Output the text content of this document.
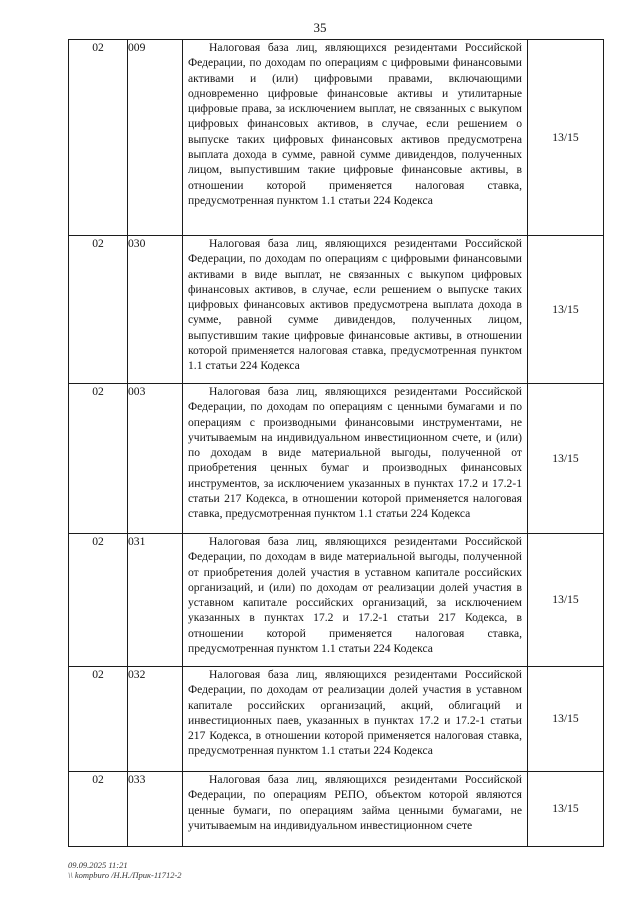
35
02	009	Налоговая база лиц, являющихся резидентами Российской Федерации, по доходам по операциям с цифровыми финансовыми активами и (или) цифровыми правами, включающими одновременно цифровые финансовые активы и утилитарные цифровые права, за исключением выплат, не связанных с выкупом цифровых финансовых активов, в случае, если решением о выпуске таких цифровых финансовых активов предусмотрена выплата дохода в сумме, равной сумме дивидендов, полученных лицом, выпустившим такие цифровые финансовые активы, в отношении которой применяется налоговая ставка, предусмотренная пунктом 1.1 статьи 224 Кодекса	13/15
02	030	Налоговая база лиц, являющихся резидентами Российской Федерации, по доходам по операциям с цифровыми финансовыми активами в виде выплат, не связанных с выкупом цифровых финансовых активов, в случае, если решением о выпуске таких цифровых финансовых активов предусмотрена выплата дохода в сумме, равной сумме дивидендов, полученных лицом, выпустившим такие цифровые финансовые активы, в отношении которой применяется налоговая ставка, предусмотренная пунктом 1.1 статьи 224 Кодекса	13/15
02	003	Налоговая база лиц, являющихся резидентами Российской Федерации, по доходам по операциям с ценными бумагами и по операциям с производными финансовыми инструментами, не учитываемым на индивидуальном инвестиционном счете, и (или) по доходам в виде материальной выгоды, полученной от приобретения ценных бумаг и производных финансовых инструментов, за исключением указанных в пунктах 17.2 и 17.2-1 статьи 217 Кодекса, в отношении которой применяется налоговая ставка, предусмотренная пунктом 1.1 статьи 224 Кодекса	13/15
02	031	Налоговая база лиц, являющихся резидентами Российской Федерации, по доходам в виде материальной выгоды, полученной от приобретения долей участия в уставном капитале российских организаций, и (или) по доходам от реализации долей участия в уставном капитале российских организаций, за исключением указанных в пунктах 17.2 и 17.2-1 статьи 217 Кодекса, в отношении которой применяется налоговая ставка, предусмотренная пунктом 1.1 статьи 224 Кодекса	13/15
02	032	Налоговая база лиц, являющихся резидентами Российской Федерации, по доходам от реализации долей участия в уставном капитале российских организаций, акций, облигаций и инвестиционных паев, указанных в пунктах 17.2 и 17.2-1 статьи 217 Кодекса, в отношении которой применяется налоговая ставка, предусмотренная пунктом 1.1 статьи 224 Кодекса	13/15
02	033	Налоговая база лиц, являющихся резидентами Российской Федерации, по операциям РЕПО, объектом которой являются ценные бумаги, по операциям займа ценными бумагами, не учитываемым на индивидуальном инвестиционном счете	13/15
09.09.2025 11:21
\\ kompburo /Н.Н./Прик-11712-2
